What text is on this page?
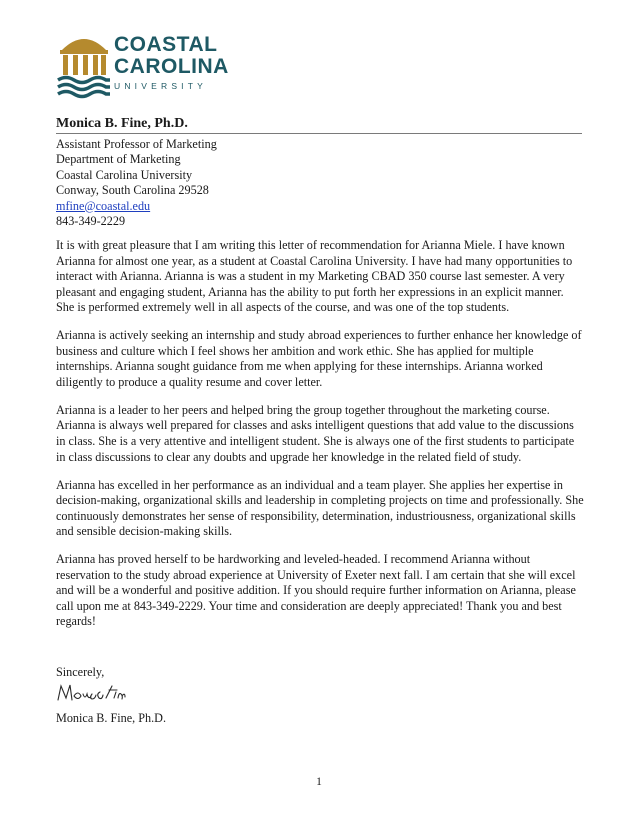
COASTAL
CAROLINA
UNIVERSITY
Monica B. Fine, Ph.D.
Assistant Professor of Marketing
Department of Marketing
Coastal Carolina University
Conway, South Carolina 29528
mfine@coastal.edu
843-349-2229

It is with great pleasure that I am writing this letter of recommendation for Arianna Miele. I have known Arianna for almost one year, as a student at Coastal Carolina University. I have had many opportunities to interact with Arianna. Arianna is was a student in my Marketing CBAD 350 course last semester. A very pleasant and engaging student, Arianna has the ability to put forth her expressions in an explicit manner. She is performed extremely well in all aspects of the course, and was one of the top students.

Arianna is actively seeking an internship and study abroad experiences to further enhance her knowledge of business and culture which I feel shows her ambition and work ethic. She has applied for multiple internships. Arianna sought guidance from me when applying for these internships. Arianna worked diligently to produce a quality resume and cover letter.

Arianna is a leader to her peers and helped bring the group together throughout the marketing course. Arianna is always well prepared for classes and asks intelligent questions that add value to the discussions in class. She is a very attentive and intelligent student. She is always one of the first students to participate in class discussions to clear any doubts and upgrade her knowledge in the related field of study.

Arianna has excelled in her performance as an individual and a team player. She applies her expertise in decision-making, organizational skills and leadership in completing projects on time and professionally. She continuously demonstrates her sense of responsibility, determination, industriousness, organizational skills and sensible decision-making skills.

Arianna has proved herself to be hardworking and leveled-headed. I recommend Arianna without reservation to the study abroad experience at University of Exeter next fall. I am certain that she will excel and will be a wonderful and positive addition. If you should require further information on Arianna, please call upon me at 843-349-2229. Your time and consideration are deeply appreciated! Thank you and best regards!

Sincerely,
Monica B. Fine, Ph.D.
1
